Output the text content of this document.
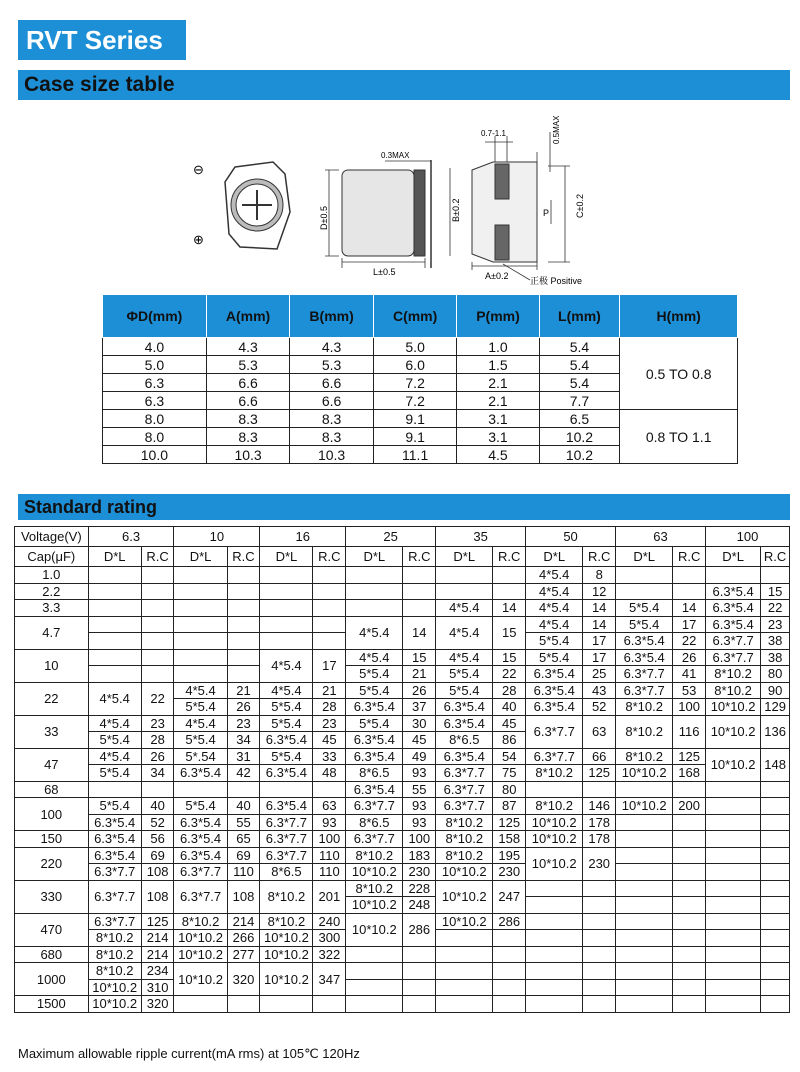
RVT Series
Case size table
⊖
⊕
L±0.5
D±0.5
0.3MAX
B±0.2
A±0.2
0.7-1.1	0.5MAX
C±0.2
P
正极 Positive
ΦD(mm)	A(mm)	B(mm)	C(mm)	P(mm)	L(mm)	H(mm)
4.0	4.3	4.3	5.0	1.0	5.4	0.5 TO 0.8
5.0	5.3	5.3	6.0	1.5	5.4	
6.3	6.6	6.6	7.2	2.1	5.4	
6.3	6.6	6.6	7.2	2.1	7.7	
8.0	8.3	8.3	9.1	3.1	6.5	0.8 TO 1.1
8.0	8.3	8.3	9.1	3.1	10.2	
10.0	10.3	10.3	11.1	4.5	10.2	
Standard rating
Voltage(V)	6.3		10		16		25		35		50		63		100	
Cap(μF)	D*L	R.C	D*L	R.C	D*L	R.C	D*L	R.C	D*L	R.C	D*L	R.C	D*L	R.C	D*L	R.C
1.0											4*5.4	8				
2.2											4*5.4	12			6.3*5.4	15
3.3									4*5.4	14	4*5.4	14	5*5.4	14	6.3*5.4	22
4.7							4*5.4	14	4*5.4	15	4*5.4	14	5*5.4	17	6.3*5.4	23
											5*5.4	17	6.3*5.4	22	6.3*7.7	38
10					4*5.4	17	4*5.4	15	4*5.4	15	5*5.4	17	6.3*5.4	26	6.3*7.7	38
							5*5.4	21	5*5.4	22	6.3*5.4	25	6.3*7.7	41	8*10.2	80
22	4*5.4	22	4*5.4	21	4*5.4	21	5*5.4	26	5*5.4	28	6.3*5.4	43	6.3*7.7	53	8*10.2	90
			5*5.4	26	5*5.4	28	6.3*5.4	37	6.3*5.4	40	6.3*5.4	52	8*10.2	100	10*10.2	129
33	4*5.4	23	4*5.4	23	5*5.4	23	5*5.4	30	6.3*5.4	45	6.3*7.7	63	8*10.2	116	10*10.2	136
	5*5.4	28	5*5.4	34	6.3*5.4	45	6.3*5.4	45	8*6.5	86						
47	4*5.4	26	5*.54	31	5*5.4	33	6.3*5.4	49	6.3*5.4	54	6.3*7.7	66	8*10.2	125	10*10.2	148
	5*5.4	34	6.3*5.4	42	6.3*5.4	48	8*6.5	93	6.3*7.7	75	8*10.2	125	10*10.2	168		
68							6.3*5.4	55	6.3*7.7	80						
100	5*5.4	40	5*5.4	40	6.3*5.4	63	6.3*7.7	93	6.3*7.7	87	8*10.2	146	10*10.2	200		
	6.3*5.4	52	6.3*5.4	55	6.3*7.7	93	8*6.5	93	8*10.2	125	10*10.2	178				
150	6.3*5.4	56	6.3*5.4	65	6.3*7.7	100	6.3*7.7	100	8*10.2	158	10*10.2	178				
220	6.3*5.4	69	6.3*5.4	69	6.3*7.7	110	8*10.2	183	8*10.2	195	10*10.2	230				
	6.3*7.7	108	6.3*7.7	110	8*6.5	110	10*10.2	230	10*10.2	230						
330	6.3*7.7	108	6.3*7.7	108	8*10.2	201	8*10.2	228	10*10.2	247						
							10*10.2	248								
470	6.3*7.7	125	8*10.2	214	8*10.2	240	10*10.2	286	10*10.2	286						
	8*10.2	214	10*10.2	266	10*10.2	300										
680	8*10.2	214	10*10.2	277	10*10.2	322										
1000	8*10.2	234	10*10.2	320	10*10.2	347										
	10*10.2	310														
1500	10*10.2	320														
Maximum allowable ripple current(mA rms) at 105℃ 120Hz
